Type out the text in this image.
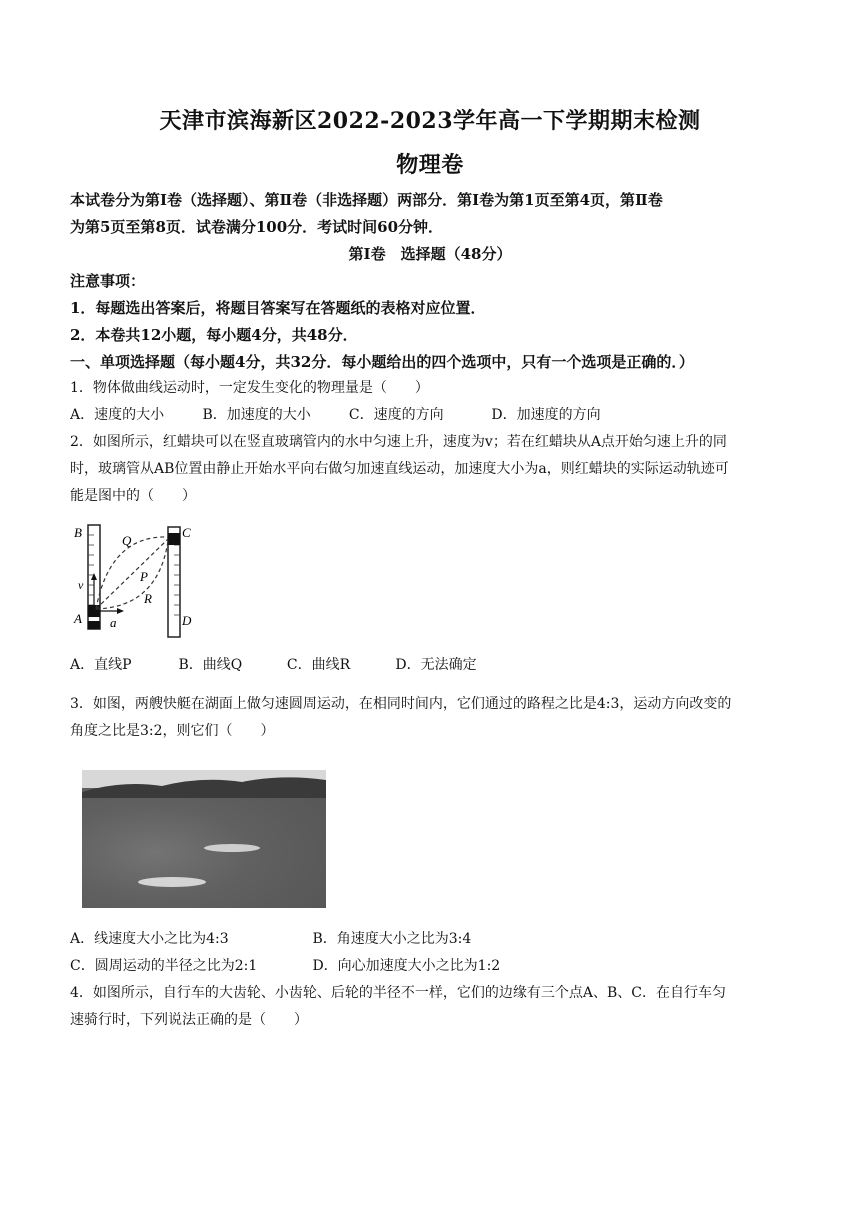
天津市滨海新区2022-2023学年高一下学期期末检测
物理卷
本试卷分为第Ⅰ卷（选择题）、第Ⅱ卷（非选择题）两部分．第Ⅰ卷为第1页至第4页，第Ⅱ卷
为第5页至第8页．试卷满分100分．考试时间60分钟．
第Ⅰ卷　选择题（48分）
注意事项：
1．每题选出答案后，将题目答案写在答题纸的表格对应位置．
2．本卷共12小题，每小题4分，共48分．
一、单项选择题（每小题4分，共32分．每小题给出的四个选项中，只有一个选项是正确的．）
1．物体做曲线运动时，一定发生变化的物理量是（　　）
A．速度的大小	B．加速度的大小	C．速度的方向	D．加速度的方向
2．如图所示，红蜡块可以在竖直玻璃管内的水中匀速上升，速度为v；若在红蜡块从A点开始匀速上升的同
时，玻璃管从AB位置由静止开始水平向右做匀加速直线运动，加速度大小为a，则红蜡块的实际运动轨迹可
能是图中的（　　）
B	C
Q
P
R
v
A a	D
A．直线P	B．曲线Q	C．曲线R	D．无法确定
3．如图，两艘快艇在湖面上做匀速圆周运动，在相同时间内，它们通过的路程之比是4:3，运动方向改变的
角度之比是3:2，则它们（　　）
A．线速度大小之比为4:3	B．角速度大小之比为3:4
C．圆周运动的半径之比为2:1	D．向心加速度大小之比为1:2
4．如图所示，自行车的大齿轮、小齿轮、后轮的半径不一样，它们的边缘有三个点A、B、C．在自行车匀
速骑行时，下列说法正确的是（　　）
